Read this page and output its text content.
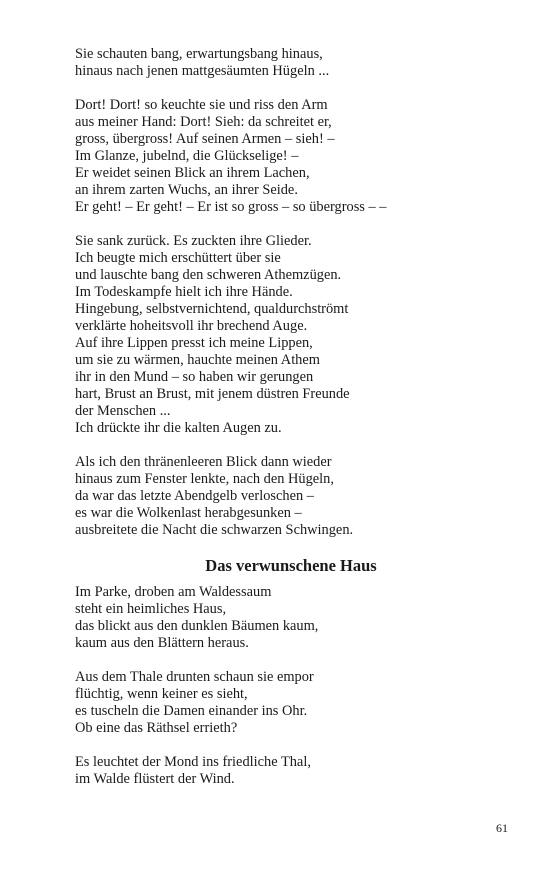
Sie schauten bang, erwartungsbang hinaus,
hinaus nach jenen mattgesäumten Hügeln ...
Dort! Dort! so keuchte sie und riss den Arm
aus meiner Hand: Dort! Sieh: da schreitet er,
gross, übergross! Auf seinen Armen – sieh! –
Im Glanze, jubelnd, die Glückselige! –
Er weidet seinen Blick an ihrem Lachen,
an ihrem zarten Wuchs, an ihrer Seide.
Er geht! – Er geht! – Er ist so gross – so übergross – –
Sie sank zurück. Es zuckten ihre Glieder.
Ich beugte mich erschüttert über sie
und lauschte bang den schweren Athemzügen.
Im Todeskampfe hielt ich ihre Hände.
Hingebung, selbstvernichtend, qualdurchströmt
verklärte hoheitsvoll ihr brechend Auge.
Auf ihre Lippen presst ich meine Lippen,
um sie zu wärmen, hauchte meinen Athem
ihr in den Mund – so haben wir gerungen
hart, Brust an Brust, mit jenem düstren Freunde
der Menschen ...
Ich drückte ihr die kalten Augen zu.
Als ich den thränenleeren Blick dann wieder
hinaus zum Fenster lenkte, nach den Hügeln,
da war das letzte Abendgelb verloschen –
es war die Wolkenlast herabgesunken –
ausbreitete die Nacht die schwarzen Schwingen.
Das verwunschene Haus
Im Parke, droben am Waldessaum
steht ein heimliches Haus,
das blickt aus den dunklen Bäumen kaum,
kaum aus den Blättern heraus.
Aus dem Thale drunten schaun sie empor
flüchtig, wenn keiner es sieht,
es tuscheln die Damen einander ins Ohr.
Ob eine das Räthsel errieth?
Es leuchtet der Mond ins friedliche Thal,
im Walde flüstert der Wind.
61
